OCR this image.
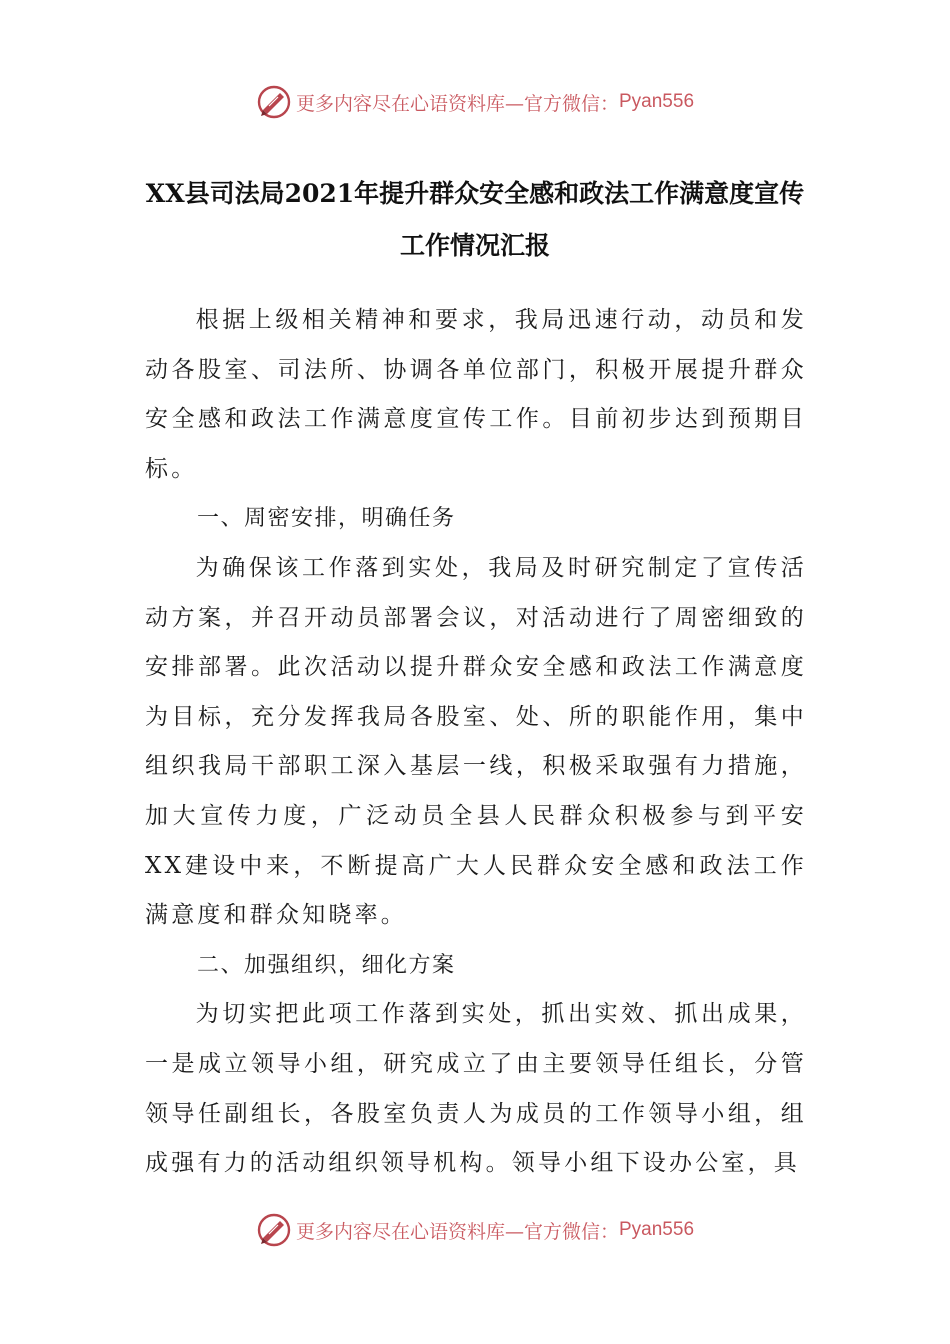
更多内容尽在心语资料库—官方微信： Pyan556
XX县司法局2021年提升群众安全感和政法工作满意度宣传工作情况汇报

根据上级相关精神和要求，我局迅速行动，动员和发动各股室、司法所、协调各单位部门，积极开展提升群众安全感和政法工作满意度宣传工作。目前初步达到预期目标。

一、周密安排，明确任务

为确保该工作落到实处，我局及时研究制定了宣传活动方案，并召开动员部署会议，对活动进行了周密细致的安排部署。此次活动以提升群众安全感和政法工作满意度为目标，充分发挥我局各股室、处、所的职能作用，集中组织我局干部职工深入基层一线，积极采取强有力措施，加大宣传力度，广泛动员全县人民群众积极参与到平安XX建设中来，不断提高广大人民群众安全感和政法工作满意度和群众知晓率。

二、加强组织，细化方案

为切实把此项工作落到实处，抓出实效、抓出成果，一是成立领导小组，研究成立了由主要领导任组长，分管领导任副组长，各股室负责人为成员的工作领导小组，组成强有力的活动组织领导机构。领导小组下设办公室，具

更多内容尽在心语资料库—官方微信： Pyan556
